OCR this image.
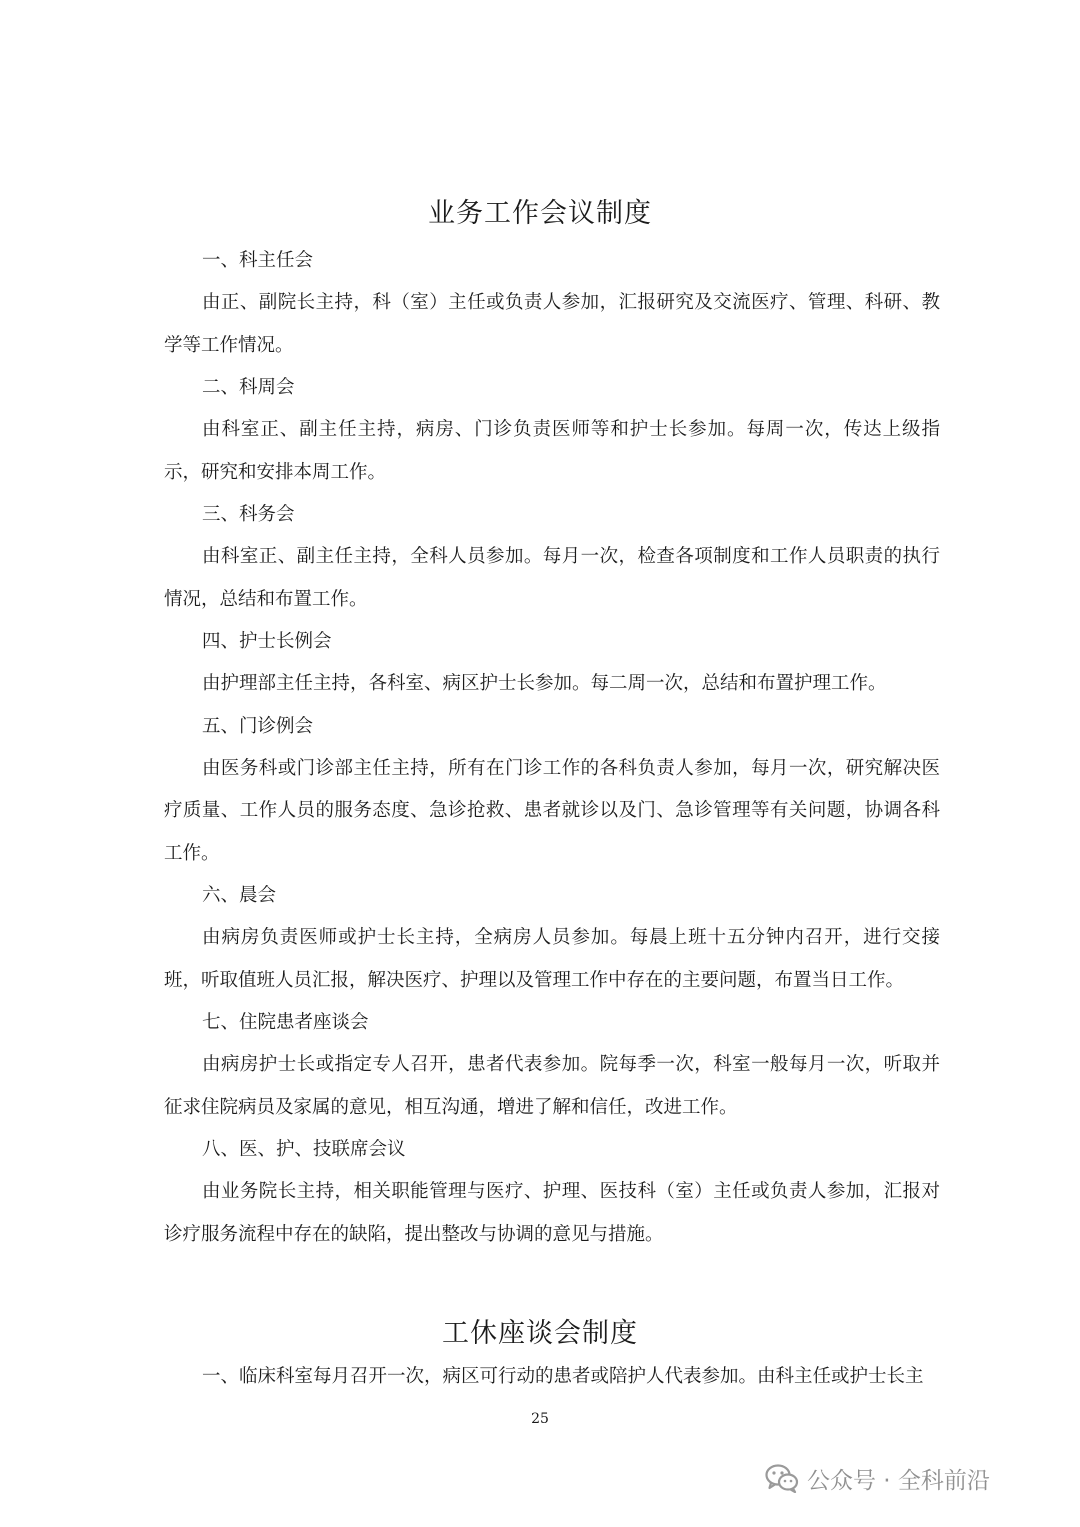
业务工作会议制度
一、科主任会
由正、副院长主持，科（室）主任或负责人参加，汇报研究及交流医疗、管理、科研、教学等工作情况。
二、科周会
由科室正、副主任主持，病房、门诊负责医师等和护士长参加。每周一次，传达上级指示，研究和安排本周工作。
三、科务会
由科室正、副主任主持，全科人员参加。每月一次，检查各项制度和工作人员职责的执行情况，总结和布置工作。
四、护士长例会
由护理部主任主持，各科室、病区护士长参加。每二周一次，总结和布置护理工作。
五、门诊例会
由医务科或门诊部主任主持，所有在门诊工作的各科负责人参加，每月一次，研究解决医疗质量、工作人员的服务态度、急诊抢救、患者就诊以及门、急诊管理等有关问题，协调各科工作。
六、晨会
由病房负责医师或护士长主持，全病房人员参加。每晨上班十五分钟内召开，进行交接班，听取值班人员汇报，解决医疗、护理以及管理工作中存在的主要问题，布置当日工作。
七、住院患者座谈会
由病房护士长或指定专人召开，患者代表参加。院每季一次，科室一般每月一次，听取并征求住院病员及家属的意见，相互沟通，增进了解和信任，改进工作。
八、医、护、技联席会议
由业务院长主持，相关职能管理与医疗、护理、医技科（室）主任或负责人参加，汇报对诊疗服务流程中存在的缺陷，提出整改与协调的意见与措施。
工休座谈会制度
一、临床科室每月召开一次，病区可行动的患者或陪护人代表参加。由科主任或护士长主
25
公众号 · 全科前沿
